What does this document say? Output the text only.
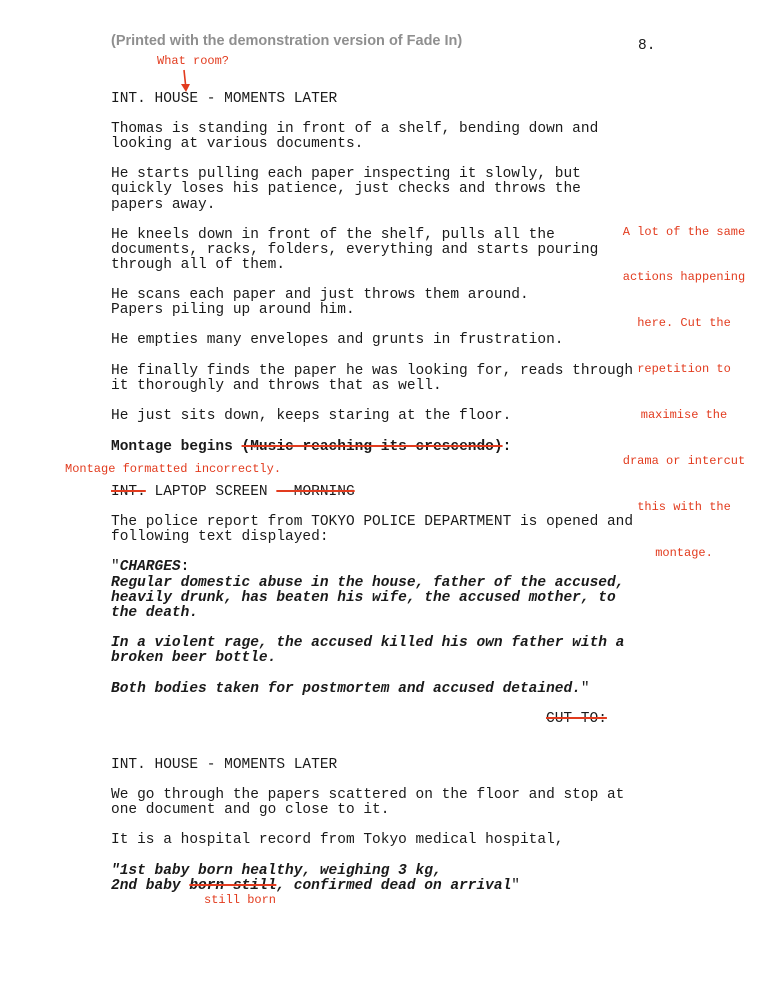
(Printed with the demonstration version of Fade In)	8.
What room?
INT. HOUSE - MOMENTS LATER
Thomas is standing in front of a shelf, bending down and
looking at various documents.
He starts pulling each paper inspecting it slowly, but
quickly loses his patience, just checks and throws the
papers away.
He kneels down in front of the shelf, pulls all the
documents, racks, folders, everything and starts pouring
through all of them.

A lot of the same

actions happening

here. Cut the

repetition to

maximise the

drama or intercut

this with the

montage.

He scans each paper and just throws them around.
Papers piling up around him.
He empties many envelopes and grunts in frustration.
He finally finds the paper he was looking for, reads through
it thoroughly and throws that as well.
He just sits down, keeps staring at the floor.
Montage begins (Music reaching its crescendo):
Montage formatted incorrectly.
INT. LAPTOP SCREEN - MORNING
The police report from TOKYO POLICE DEPARTMENT is opened and
following text displayed:
"CHARGES:
Regular domestic abuse in the house, father of the accused,
heavily drunk, has beaten his wife, the accused mother, to
the death.
In a violent rage, the accused killed his own father with a
broken beer bottle.
Both bodies taken for postmortem and accused detained."
CUT TO:
INT. HOUSE - MOMENTS LATER
We go through the papers scattered on the floor and stop at
one document and go close to it.
It is a hospital record from Tokyo medical hospital,
"1st baby born healthy, weighing 3 kg,
2nd baby born still, confirmed dead on arrival"
still born
